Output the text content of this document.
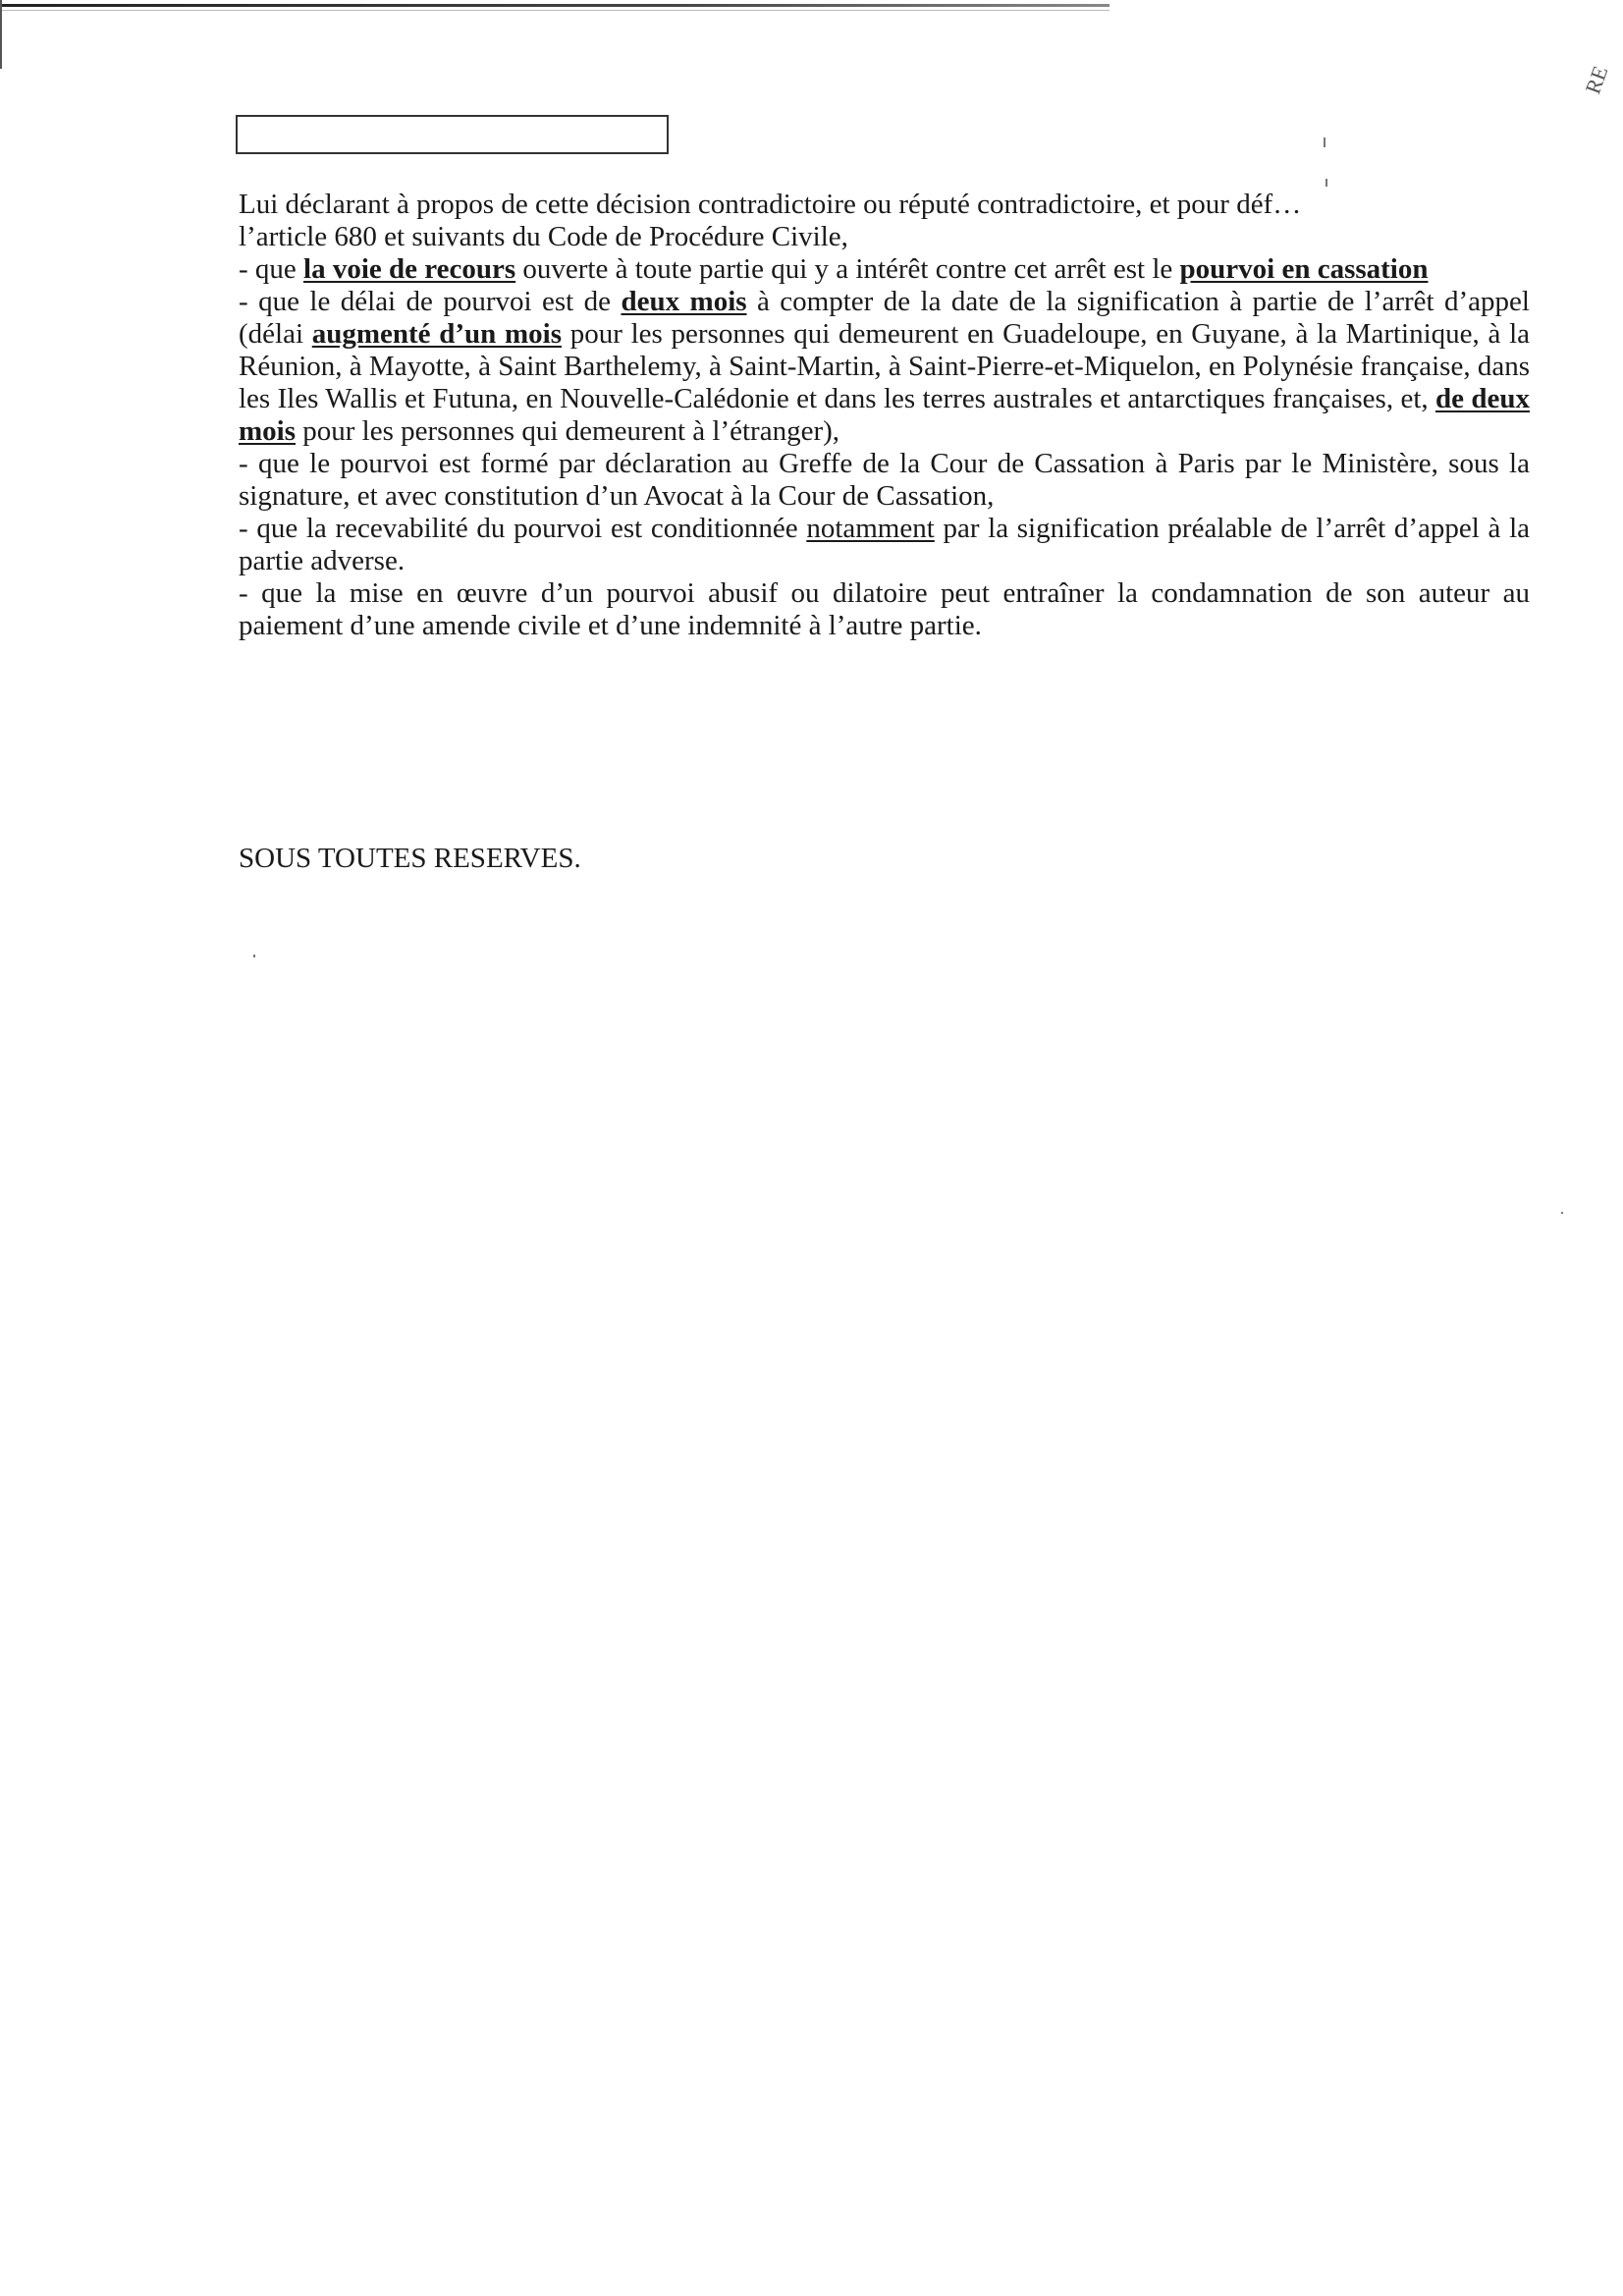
RE

Lui déclarant à propos de cette décision contradictoire ou réputé contradictoire, et pour déf…

l’article 680 et suivants du Code de Procédure Civile,

- que la voie de recours ouverte à toute partie qui y a intérêt contre cet arrêt est le pourvoi en cassation

- que le délai de pourvoi est de deux mois à compter de la date de la signification à partie de l’arrêt d’appel (délai augmenté d’un mois pour les personnes qui demeurent en Guadeloupe, en Guyane, à la Martinique, à la Réunion, à Mayotte, à Saint Barthelemy, à Saint-Martin, à Saint-Pierre-et-Miquelon, en Polynésie française, dans les Iles Wallis et Futuna, en Nouvelle-Calédonie et dans les terres australes et antarctiques françaises, et, de deux mois pour les personnes qui demeurent à l’étranger),

- que le pourvoi est formé par déclaration au Greffe de la Cour de Cassation à Paris par le Ministère, sous la signature, et avec constitution d’un Avocat à la Cour de Cassation,

- que la recevabilité du pourvoi est conditionnée notamment par la signification préalable de l’arrêt d’appel à la partie adverse.

- que la mise en œuvre d’un pourvoi abusif ou dilatoire peut entraîner la condamnation de son auteur au paiement d’une amende civile et d’une indemnité à l’autre partie.

SOUS TOUTES RESERVES.
